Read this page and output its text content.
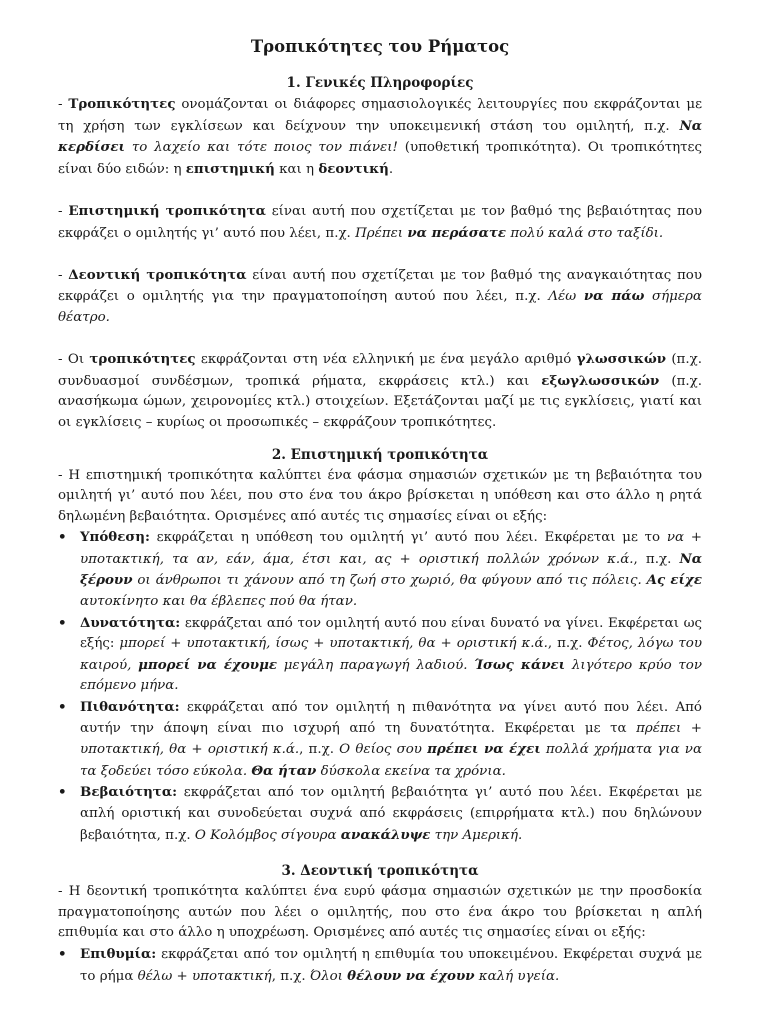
Τροπικότητες του Ρήματος
1. Γενικές Πληροφορίες

- Τροπικότητες ονομάζονται οι διάφορες σημασιολογικές λειτουργίες που εκφράζονται με τη χρήση των εγκλίσεων και δείχνουν την υποκειμενική στάση του ομιλητή, π.χ. Να κερδίσει το λαχείο και τότε ποιος τον πιάνει! (υποθετική τροπικότητα). Οι τροπικότητες είναι δύο ειδών: η επιστημική και η δεοντική.

- Επιστημική τροπικότητα είναι αυτή που σχετίζεται με τον βαθμό της βεβαιότητας που εκφράζει ο ομιλητής γι’ αυτό που λέει, π.χ. Πρέπει να περάσατε πολύ καλά στο ταξίδι.

- Δεοντική τροπικότητα είναι αυτή που σχετίζεται με τον βαθμό της αναγκαιότητας που εκφράζει ο ομιλητής για την πραγματοποίηση αυτού που λέει, π.χ. Λέω να πάω σήμερα θέατρο.

- Οι τροπικότητες εκφράζονται στη νέα ελληνική με ένα μεγάλο αριθμό γλωσσικών (π.χ. συνδυασμοί συνδέσμων, τροπικά ρήματα, εκφράσεις κτλ.) και εξωγλωσσικών (π.χ. ανασήκωμα ώμων, χειρονομίες κτλ.) στοιχείων. Εξετάζονται μαζί με τις εγκλίσεις, γιατί και οι εγκλίσεις – κυρίως οι προσωπικές – εκφράζουν τροπικότητες.

2. Επιστημική τροπικότητα

- Η επιστημική τροπικότητα καλύπτει ένα φάσμα σημασιών σχετικών με τη βεβαιότητα του ομιλητή γι’ αυτό που λέει, που στο ένα του άκρο βρίσκεται η υπόθεση και στο άλλο η ρητά δηλωμένη βεβαιότητα. Ορισμένες από αυτές τις σημασίες είναι οι εξής:

• Υπόθεση: εκφράζεται η υπόθεση του ομιλητή γι’ αυτό που λέει. Εκφέρεται με το να + υποτακτική, τα αν, εάν, άμα, έτσι και, ας + οριστική πολλών χρόνων κ.ά., π.χ. Να ξέρουν οι άνθρωποι τι χάνουν από τη ζωή στο χωριό, θα φύγουν από τις πόλεις. Ας είχε αυτοκίνητο και θα έβλεπες πού θα ήταν.
• Δυνατότητα: εκφράζεται από τον ομιλητή αυτό που είναι δυνατό να γίνει. Εκφέρεται ως εξής: μπορεί + υποτακτική, ίσως + υποτακτική, θα + οριστική κ.ά., π.χ. Φέτος, λόγω του καιρού, μπορεί να έχουμε μεγάλη παραγωγή λαδιού. Ίσως κάνει λιγότερο κρύο τον επόμενο μήνα.
• Πιθανότητα: εκφράζεται από τον ομιλητή η πιθανότητα να γίνει αυτό που λέει. Από αυτήν την άποψη είναι πιο ισχυρή από τη δυνατότητα. Εκφέρεται με τα πρέπει + υποτακτική, θα + οριστική κ.ά., π.χ. Ο θείος σου πρέπει να έχει πολλά χρήματα για να τα ξοδεύει τόσο εύκολα. Θα ήταν δύσκολα εκείνα τα χρόνια.
• Βεβαιότητα: εκφράζεται από τον ομιλητή βεβαιότητα γι’ αυτό που λέει. Εκφέρεται με απλή οριστική και συνοδεύεται συχνά από εκφράσεις (επιρρήματα κτλ.) που δηλώνουν βεβαιότητα, π.χ. Ο Κολόμβος σίγουρα ανακάλυψε την Αμερική.
3. Δεοντική τροπικότητα

- Η δεοντική τροπικότητα καλύπτει ένα ευρύ φάσμα σημασιών σχετικών με την προσδοκία πραγματοποίησης αυτών που λέει ο ομιλητής, που στο ένα άκρο του βρίσκεται η απλή επιθυμία και στο άλλο η υποχρέωση. Ορισμένες από αυτές τις σημασίες είναι οι εξής:

• Επιθυμία: εκφράζεται από τον ομιλητή η επιθυμία του υποκειμένου. Εκφέρεται συχνά με το ρήμα θέλω + υποτακτική, π.χ. Όλοι θέλουν να έχουν καλή υγεία.
